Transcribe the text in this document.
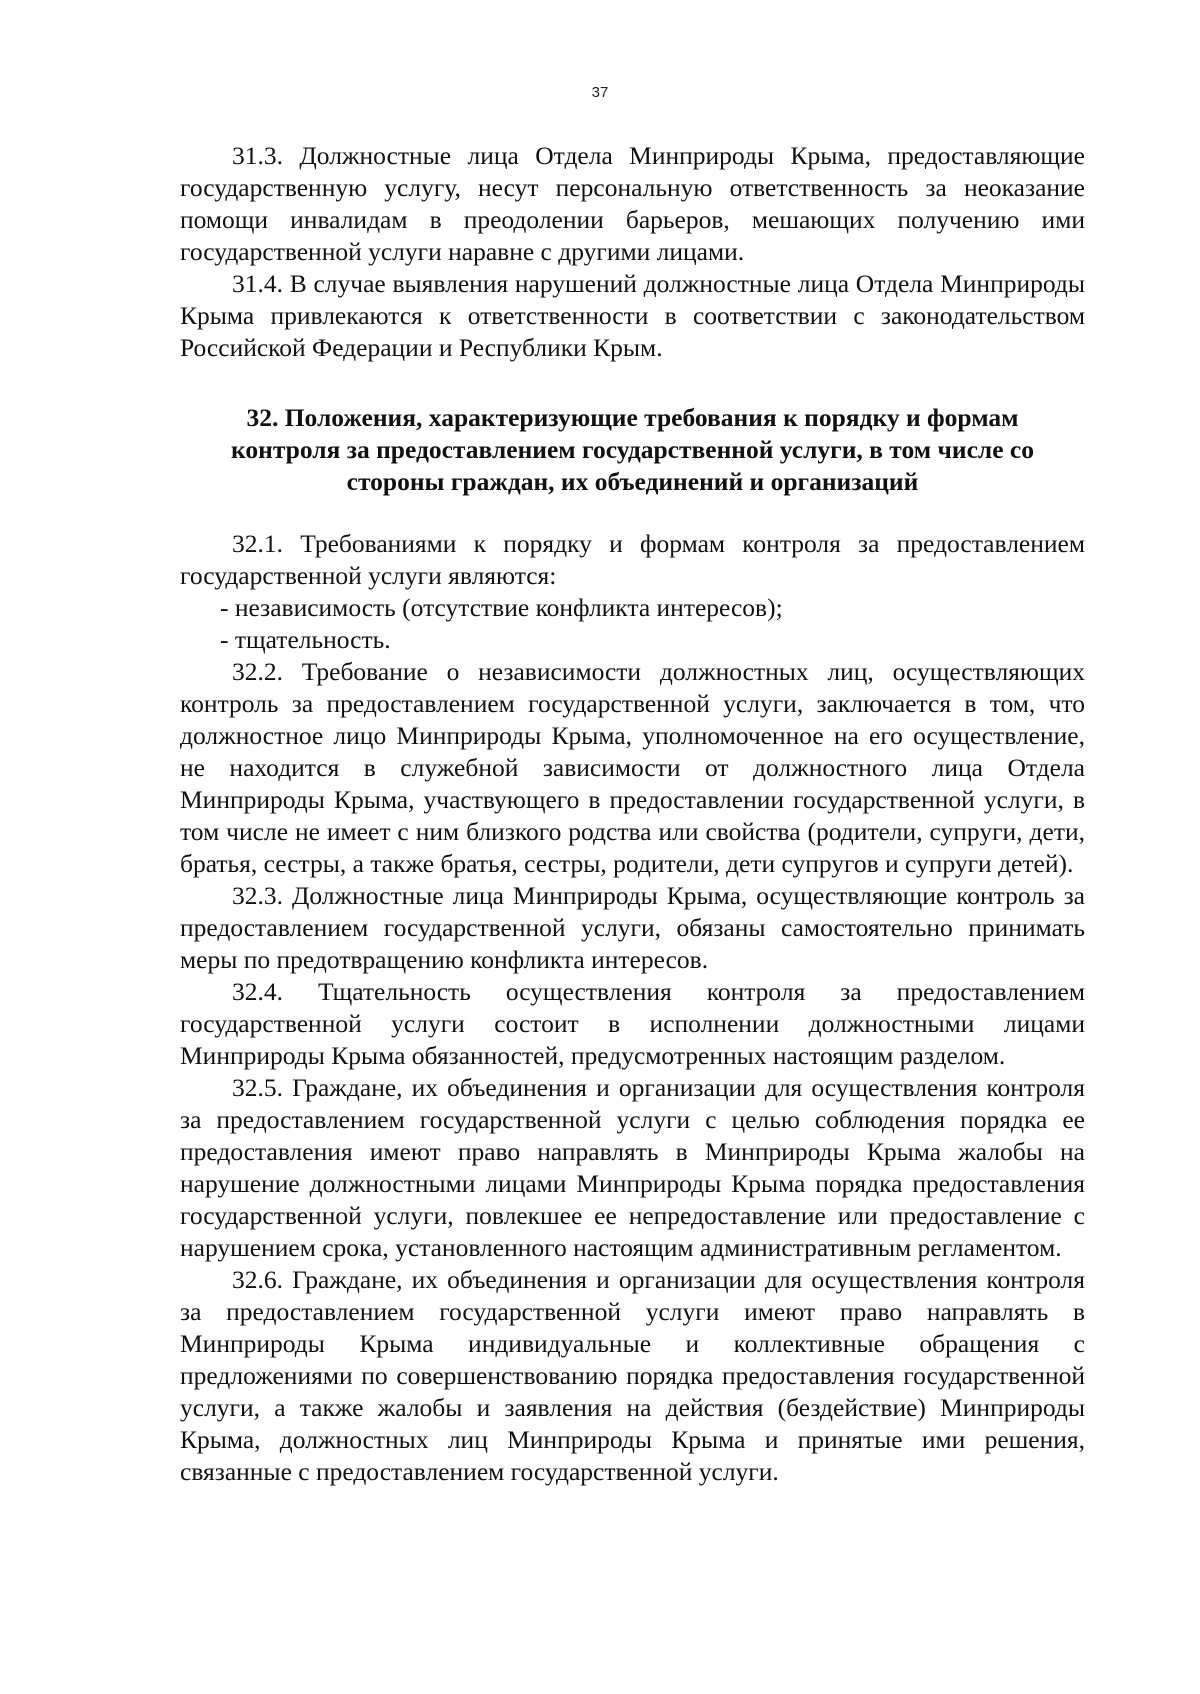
37

31.3. Должностные лица Отдела Минприроды Крыма, предоставляющие государственную услугу, несут персональную ответственность за неоказание помощи инвалидам в преодолении барьеров, мешающих получению ими государственной услуги наравне с другими лицами.

31.4. В случае выявления нарушений должностные лица Отдела Минприроды Крыма привлекаются к ответственности в соответствии с законодательством Российской Федерации и Республики Крым.

32. Положения, характеризующие требования к порядку и формам контроля за предоставлением государственной услуги, в том числе со стороны граждан, их объединений и организаций

32.1. Требованиями к порядку и формам контроля за предоставлением государственной услуги являются:

- независимость (отсутствие конфликта интересов);

- тщательность.

32.2. Требование о независимости должностных лиц, осуществляющих контроль за предоставлением государственной услуги, заключается в том, что должностное лицо Минприроды Крыма, уполномоченное на его осуществление, не находится в служебной зависимости от должностного лица Отдела Минприроды Крыма, участвующего в предоставлении государственной услуги, в том числе не имеет с ним близкого родства или свойства (родители, супруги, дети, братья, сестры, а также братья, сестры, родители, дети супругов и супруги детей).

32.3. Должностные лица Минприроды Крыма, осуществляющие контроль за предоставлением государственной услуги, обязаны самостоятельно принимать меры по предотвращению конфликта интересов.

32.4. Тщательность осуществления контроля за предоставлением государственной услуги состоит в исполнении должностными лицами Минприроды Крыма обязанностей, предусмотренных настоящим разделом.

32.5. Граждане, их объединения и организации для осуществления контроля за предоставлением государственной услуги с целью соблюдения порядка ее предоставления имеют право направлять в Минприроды Крыма жалобы на нарушение должностными лицами Минприроды Крыма порядка предоставления государственной услуги, повлекшее ее непредоставление или предоставление с нарушением срока, установленного настоящим административным регламентом.

32.6. Граждане, их объединения и организации для осуществления контроля за предоставлением государственной услуги имеют право направлять в Минприроды Крыма индивидуальные и коллективные обращения с предложениями по совершенствованию порядка предоставления государственной услуги, а также жалобы и заявления на действия (бездействие) Минприроды Крыма, должностных лиц Минприроды Крыма и принятые ими решения, связанные с предоставлением государственной услуги.
